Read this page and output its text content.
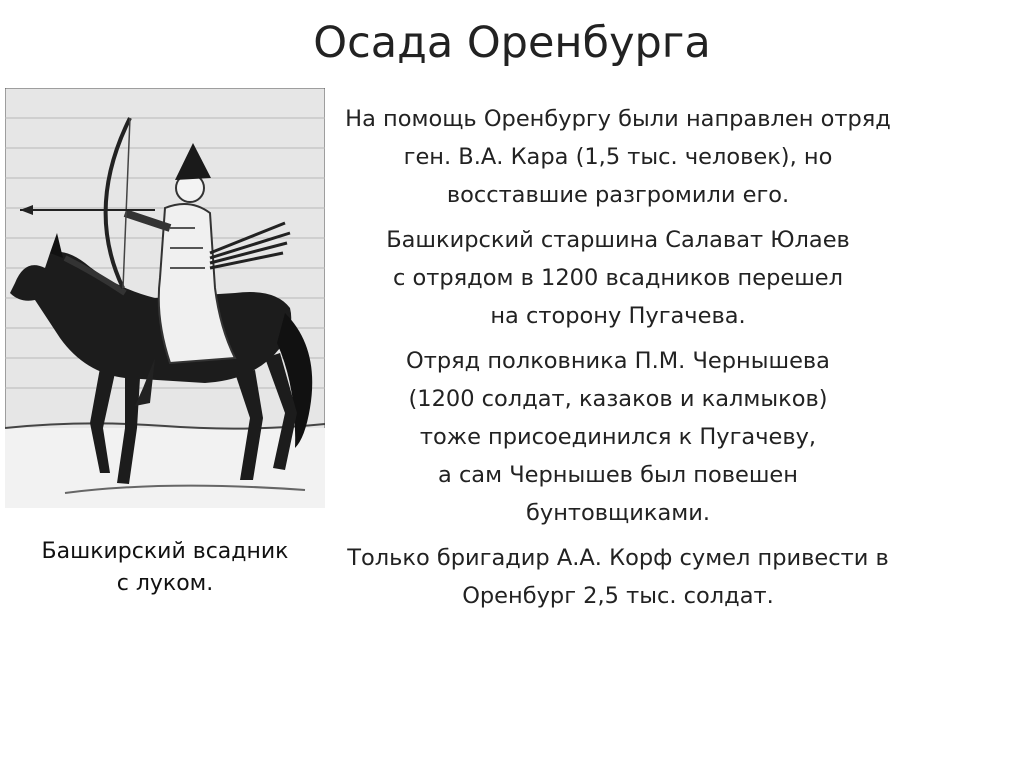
Осада Оренбурга
Башкирский всадник
с луком.

На помощь Оренбургу были направлен отряд
ген. В.А. Кара (1,5 тыс. человек), но
восставшие разгромили его.

Башкирский старшина Салават Юлаев
с отрядом в 1200 всадников перешел
на сторону Пугачева.

Отряд полковника П.М. Чернышева
(1200 солдат, казаков и калмыков)
тоже присоединился к Пугачеву,
а сам Чернышев был повешен
бунтовщиками.

Только бригадир А.А. Корф сумел привести в
Оренбург 2,5 тыс. солдат.
